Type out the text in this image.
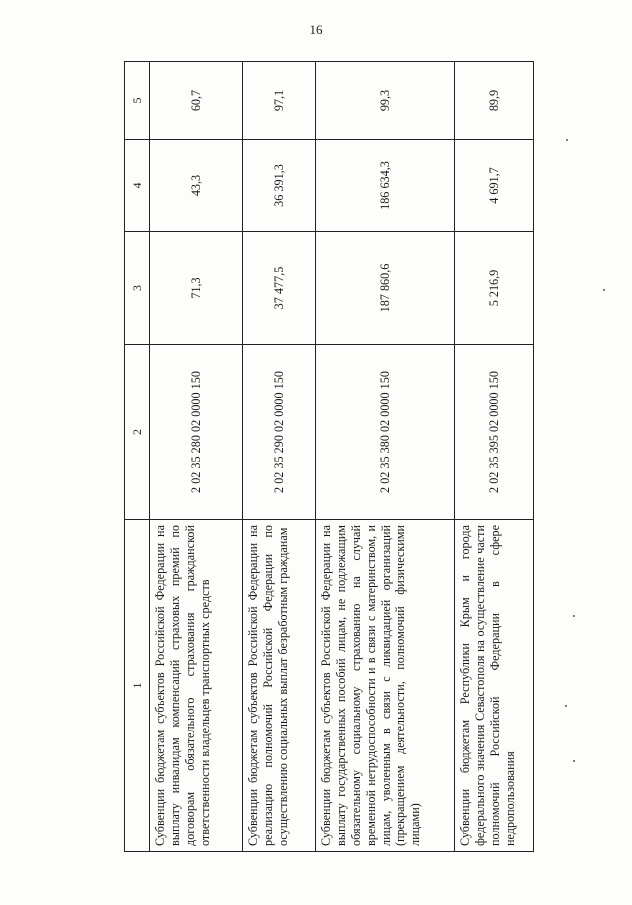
16
1	2	3	4	5
Субвенции бюджетам субъектов Российской Федерации на выплату инвалидам компенсаций страховых премий по договорам обязательного страхования гражданской ответственности владельцев транспортных средств	2 02 35 280 02 0000 150	71,3	43,3	60,7
Субвенции бюджетам субъектов Российской Федерации на реализацию полномочий Российской Федерации по осуществлению социальных выплат безработным гражданам	2 02 35 290 02 0000 150	37 477,5	36 391,3	97,1
Субвенции бюджетам субъектов Российской Федерации на выплату государственных пособий лицам, не подлежащим обязательному социальному страхованию на случай временной нетрудоспособности и в связи с материнством, и лицам, уволенным в связи с ликвидацией организаций (прекращением деятельности, полномочий физическими лицами)	2 02 35 380 02 0000 150	187 860,6	186 634,3	99,3
Субвенции бюджетам Республики Крым и города федерального значения Севастополя на осуществление части полномочий Российской Федерации в сфере недропользования	2 02 35 395 02 0000 150	5 216,9	4 691,7	89,9
